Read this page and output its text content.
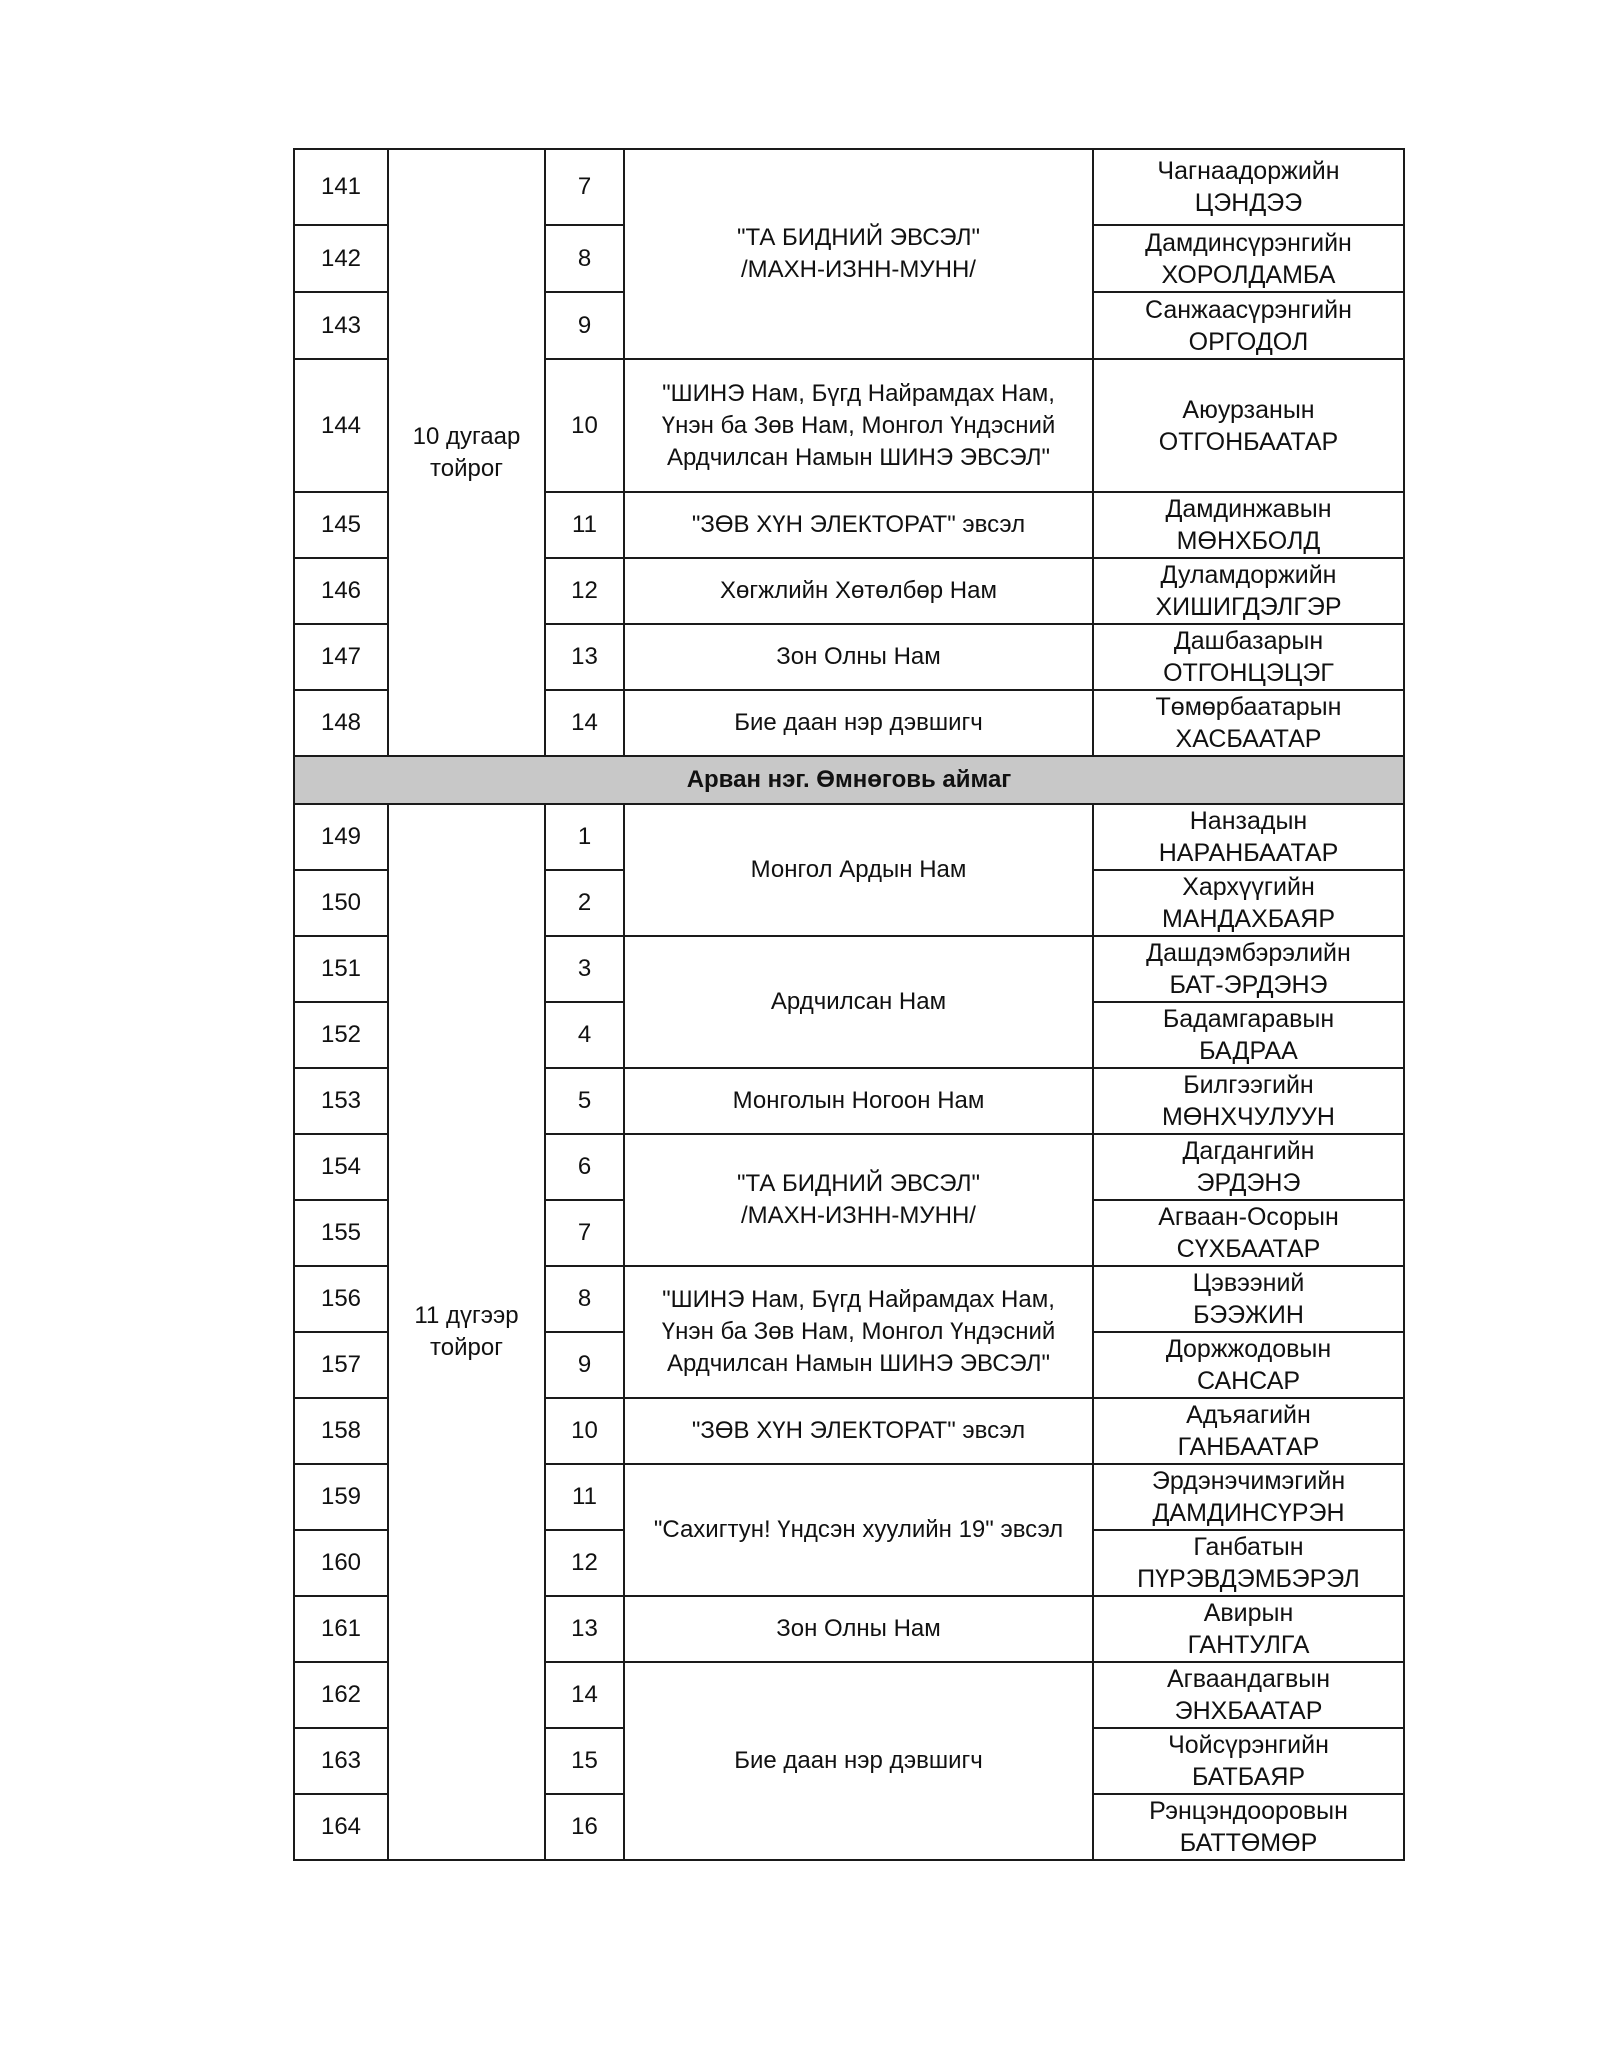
141	10 дугаар
тойрог	7	"ТА БИДНИЙ ЭВСЭЛ"
/МАХН-ИЗНН-МУНН/	Чагнаадоржийн
ЦЭНДЭЭ

142		8		Дамдинсүрэнгийн
ХОРОЛДАМБА

143		9		Санжаасүрэнгийн
ОРГОДОЛ

144		10	"ШИНЭ Нам, Бүгд Найрамдах Нам,
Үнэн ба Зөв Нам, Монгол Үндэсний
Ардчилсан Намын ШИНЭ ЭВСЭЛ"	Аюурзанын
ОТГОНБААТАР

145		11	"ЗӨВ ХҮН ЭЛЕКТОРАТ" эвсэл	Дамдинжавын
МӨНХБОЛД

146		12	Хөгжлийн Хөтөлбөр Нам	Дуламдоржийн
ХИШИГДЭЛГЭР

147		13	Зон Олны Нам	Дашбазарын
ОТГОНЦЭЦЭГ

148		14	Бие даан нэр дэвшигч	Төмөрбаатарын
ХАСБААТАР

Арван нэг. Өмнөговь аймаг				
149	11 дүгээр
тойрог	1	Монгол Ардын Нам	Нанзадын
НАРАНБААТАР

150		2		Хархүүгийн
МАНДАХБАЯР

151		3	Ардчилсан Нам	Дашдэмбэрэлийн
БАТ-ЭРДЭНЭ

152		4		Бадамгаравын
БАДРАА

153		5	Монголын Ногоон Нам	Билгээгийн
МӨНХЧУЛУУН

154		6	"ТА БИДНИЙ ЭВСЭЛ"
/МАХН-ИЗНН-МУНН/	Дагдангийн
ЭРДЭНЭ

155		7		Агваан-Осорын
СҮХБААТАР

156		8	"ШИНЭ Нам, Бүгд Найрамдах Нам,
Үнэн ба Зөв Нам, Монгол Үндэсний
Ардчилсан Намын ШИНЭ ЭВСЭЛ"	Цэвээний
БЭЭЖИН

157		9		Доржжодовын
САНСАР

158		10	"ЗӨВ ХҮН ЭЛЕКТОРАТ" эвсэл	Адъяагийн
ГАНБААТАР

159		11	"Сахигтун! Үндсэн хуулийн 19" эвсэл	Эрдэнэчимэгийн
ДАМДИНСҮРЭН

160		12		Ганбатын
ПҮРЭВДЭМБЭРЭЛ

161		13	Зон Олны Нам	Авирын
ГАНТУЛГА

162		14	Бие даан нэр дэвшигч	Агваандагвын
ЭНХБААТАР

163		15		Чойсүрэнгийн
БАТБАЯР

164		16		Рэнцэндооровын
БАТТӨМӨР
